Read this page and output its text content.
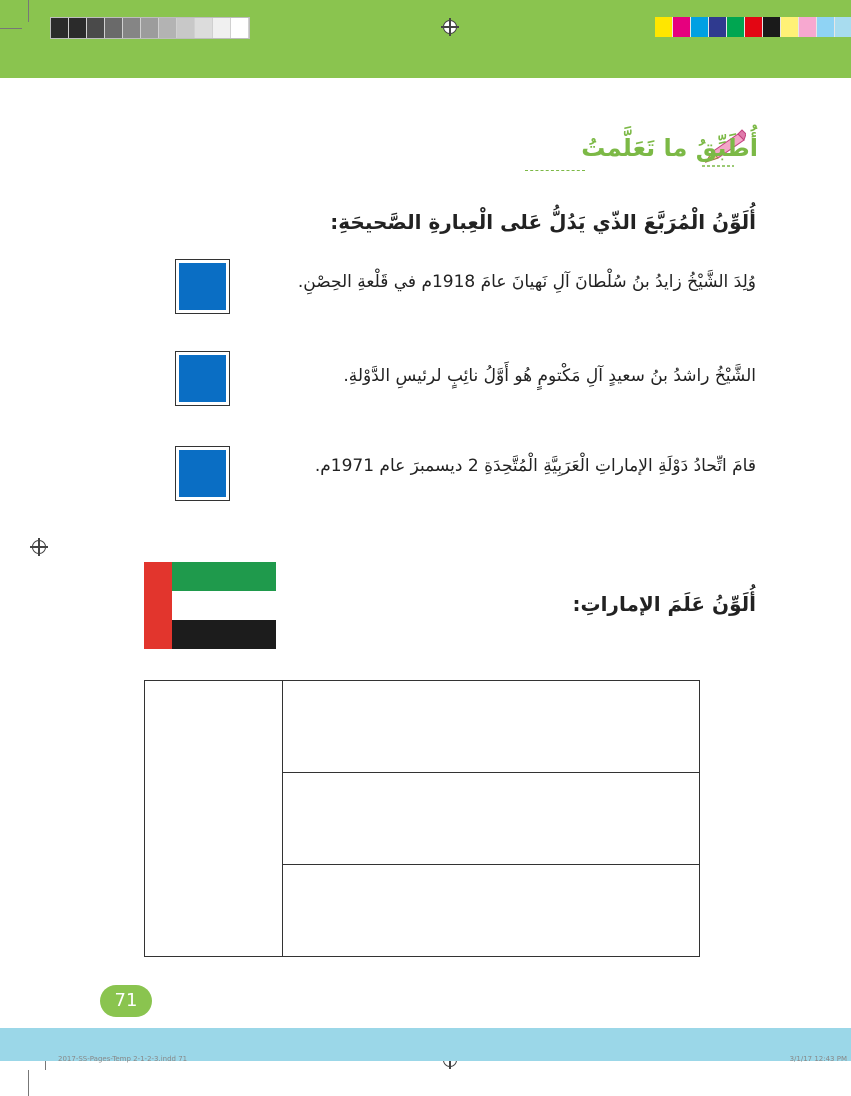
أُطَبِّقُ ما تَعَلَّمتُ
أُلَوِّنُ الْمُرَبَّعَ الذّي يَدُلُّ عَلى الْعِبارةِ الصَّحيحَةِ:
وُلِدَ الشَّيْخُ زايدُ بنُ سُلْطانَ آلِ نَهيانَ عامَ 1918م في قَلْعةِ الحِصْنِ.
الشَّيْخُ راشدُ بنُ سعيدٍ آلِ مَكْتومٍ هُو أَوَّلُ نائِبٍ لرئيسِ الدَّوْلةِ.
قامَ اتِّحادُ دَوْلَةِ الإماراتِ الْعَرَبِيَّةِ الْمُتَّحِدَةِ 2 ديسمبرَ عام 1971م.
أُلَوِّنُ عَلَمَ الإماراتِ:
71
2017-SS-Pages-Temp 2-1-2-3.indd 71	3/1/17 12:43 PM
